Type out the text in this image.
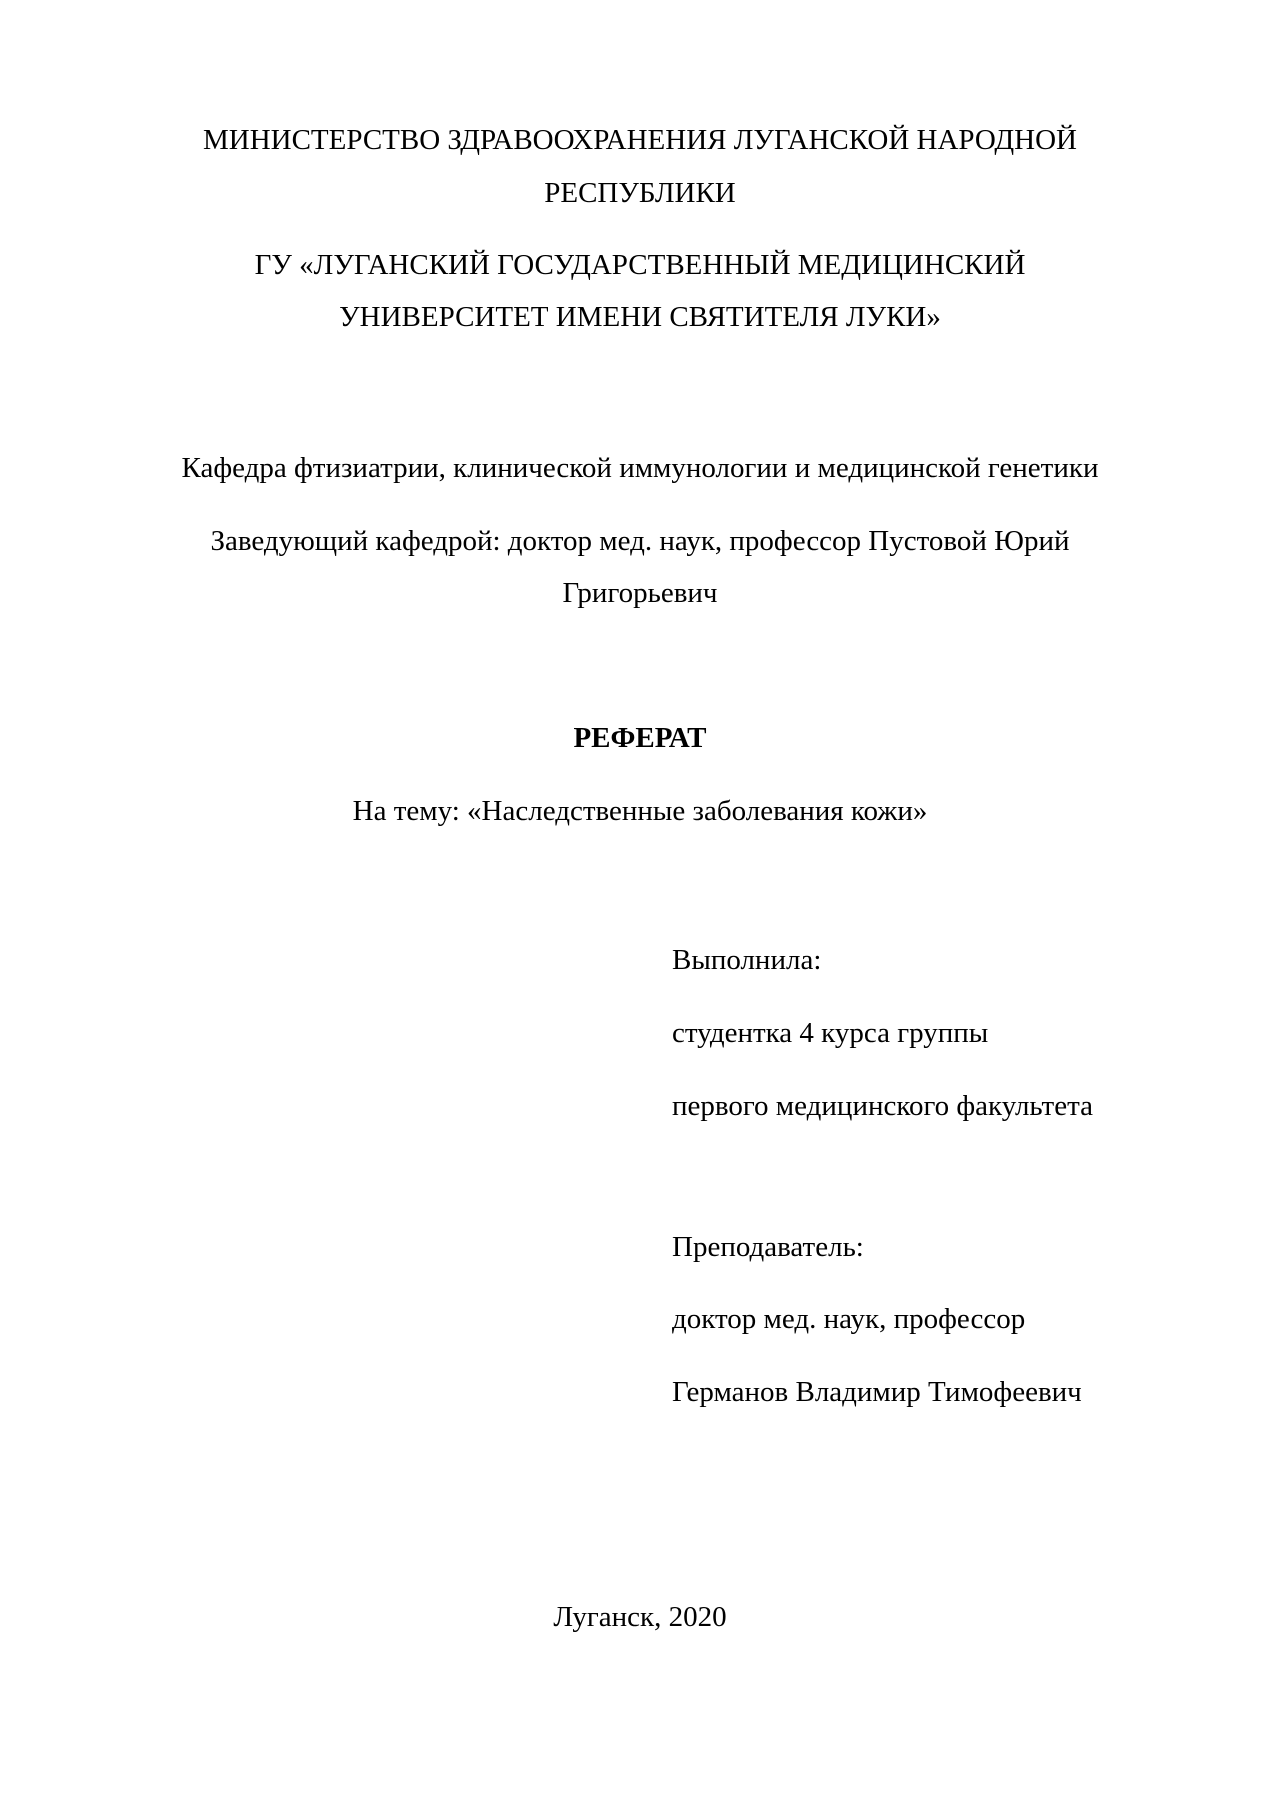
МИНИСТЕРСТВО ЗДРАВООХРАНЕНИЯ ЛУГАНСКОЙ НАРОДНОЙ
РЕСПУБЛИКИ
ГУ «ЛУГАНСКИЙ ГОСУДАРСТВЕННЫЙ МЕДИЦИНСКИЙ
УНИВЕРСИТЕТ ИМЕНИ СВЯТИТЕЛЯ ЛУКИ»
Кафедра фтизиатрии, клинической иммунологии и медицинской генетики
Заведующий кафедрой: доктор мед. наук, профессор Пустовой Юрий
Григорьевич
РЕФЕРАТ
На тему: «Наследственные заболевания кожи»
Выполнила:
студентка 4 курса группы
первого медицинского факультета
Преподаватель:
доктор мед. наук, профессор
Германов Владимир Тимофеевич
Луганск, 2020
